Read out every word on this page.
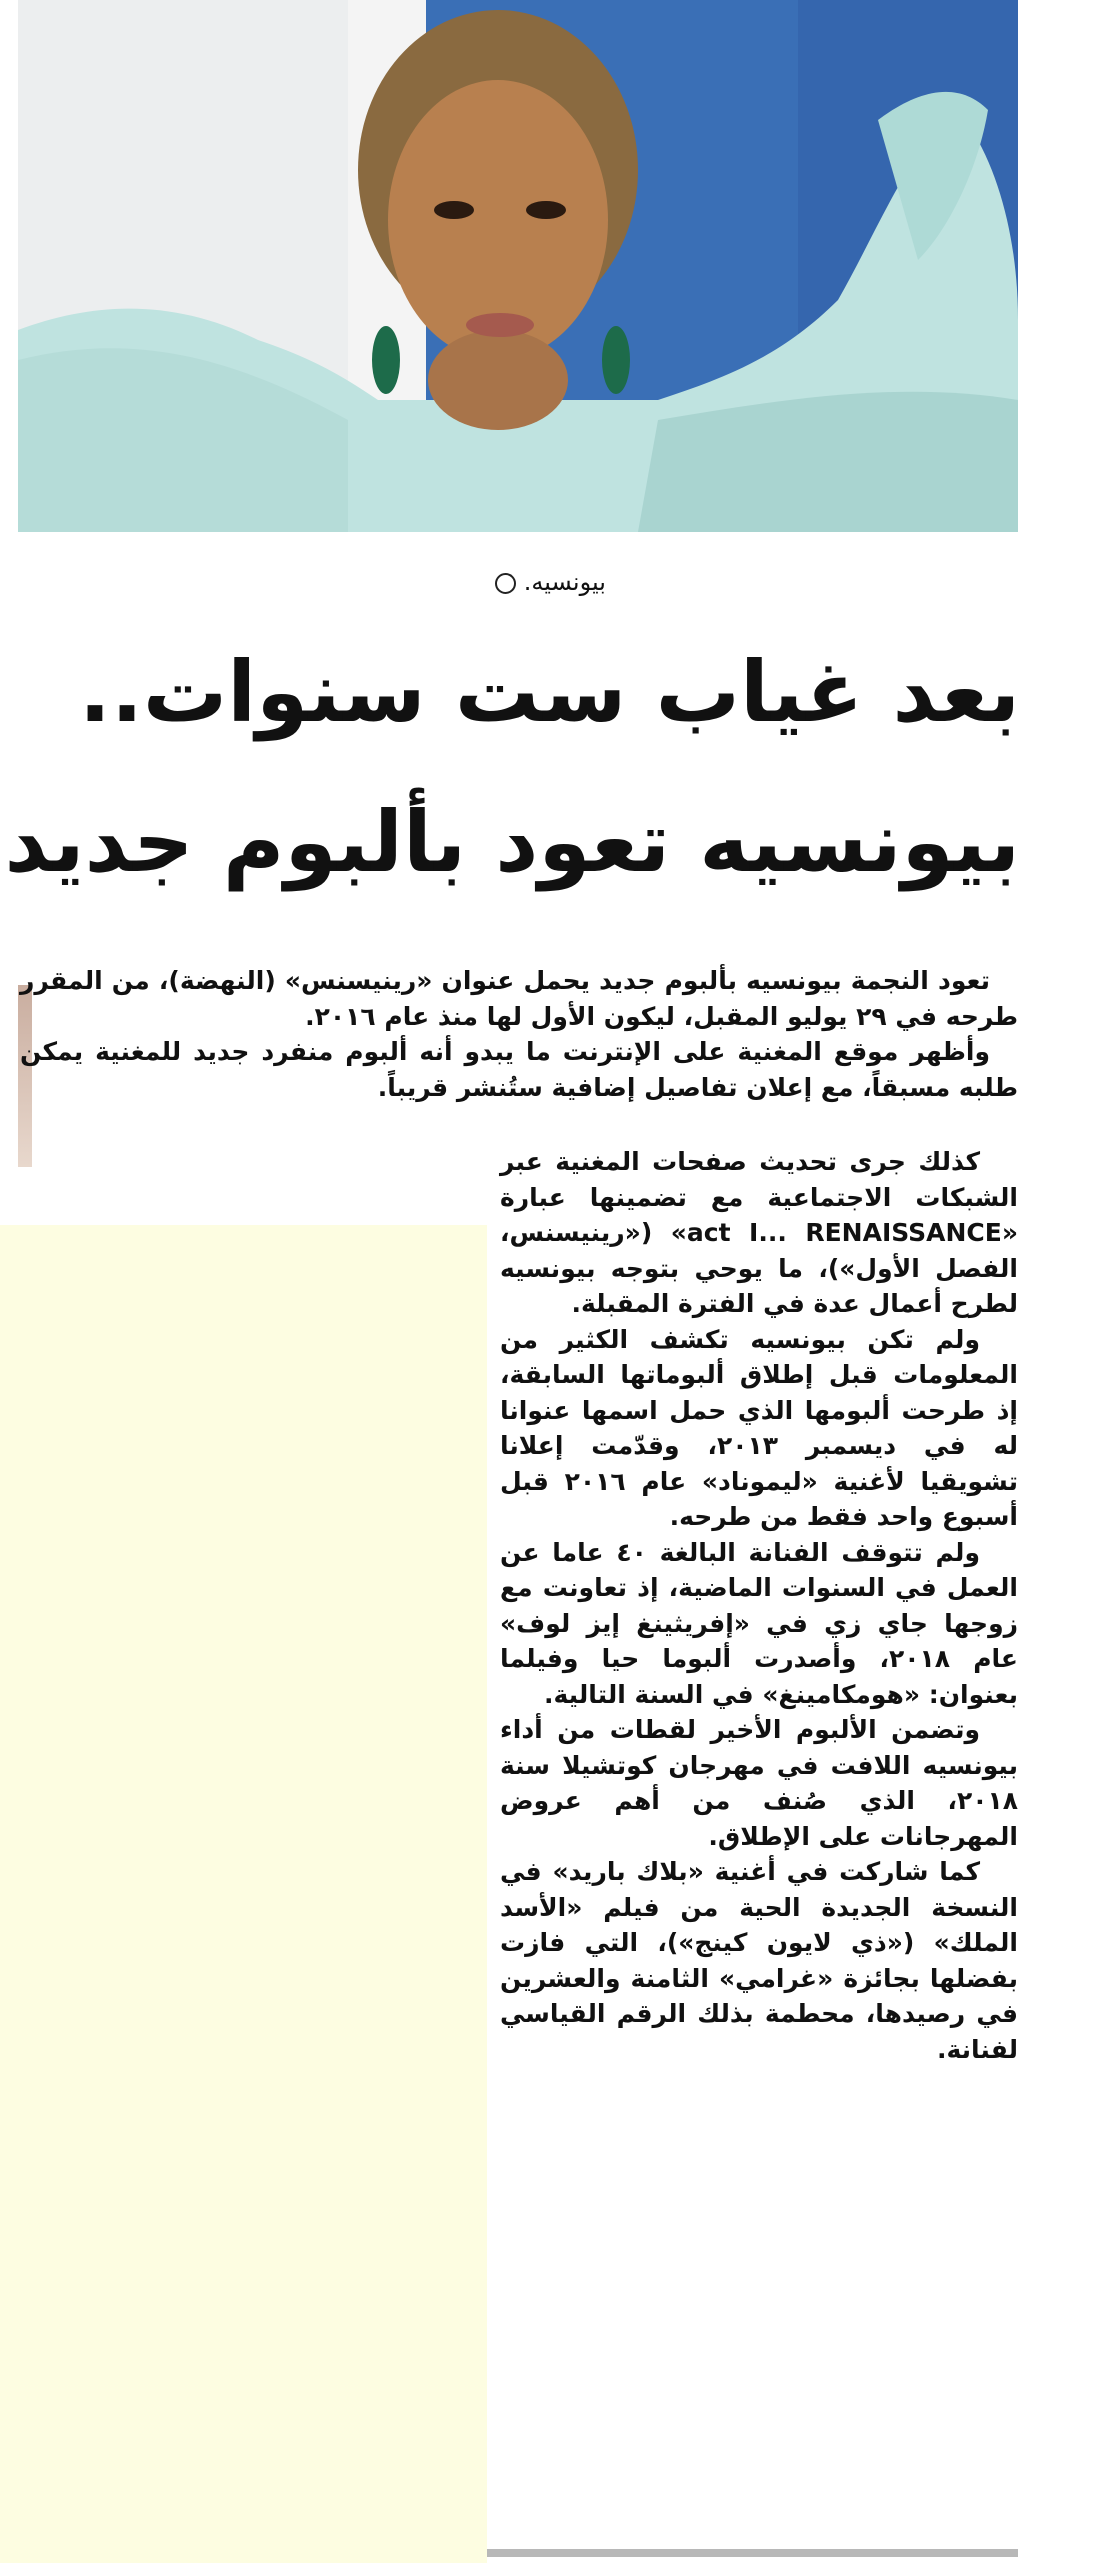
بيونسيه.
بعد غياب ست سنوات..
بيونسيه تعود بألبوم جديد

تعود النجمة بيونسيه بألبوم جديد يحمل عنوان «رينيسنس» (النهضة)، من المقرر طرحه في ٢٩ يوليو المقبل، ليكون الأول لها منذ عام ٢٠١٦.

وأظهر موقع المغنية على الإنترنت ما يبدو أنه ألبوم منفرد جديد للمغنية يمكن طلبه مسبقاً، مع إعلان تفاصيل إضافية ستُنشر قريباً.

كذلك جرى تحديث صفحات المغنية عبر الشبكات الاجتماعية مع تضمينها عبارة «act I... RENAISSANCE» («رينيسنس، الفصل الأول»)، ما يوحي بتوجه بيونسيه لطرح أعمال عدة في الفترة المقبلة.

ولم تكن بيونسيه تكشف الكثير من المعلومات قبل إطلاق ألبوماتها السابقة، إذ طرحت ألبومها الذي حمل اسمها عنوانا له في ديسمبر ٢٠١٣، وقدّمت إعلانا تشويقيا لأغنية «ليموناد» عام ٢٠١٦ قبل أسبوع واحد فقط من طرحه.

ولم تتوقف الفنانة البالغة ٤٠ عاما عن العمل في السنوات الماضية، إذ تعاونت مع زوجها جاي زي في «إفريثينغ إيز لوف» عام ٢٠١٨، وأصدرت ألبوما حيا وفيلما بعنوان: «هومكامينغ» في السنة التالية.

وتضمن الألبوم الأخير لقطات من أداء بيونسيه اللافت في مهرجان كوتشيلا سنة ٢٠١٨، الذي صُنف من أهم عروض المهرجانات على الإطلاق.

كما شاركت في أغنية «بلاك باريد» في النسخة الجديدة الحية من فيلم «الأسد الملك» («ذي لايون كينج»)، التي فازت بفضلها بجائزة «غرامي» الثامنة والعشرين في رصيدها، محطمة بذلك الرقم القياسي لفنانة.
